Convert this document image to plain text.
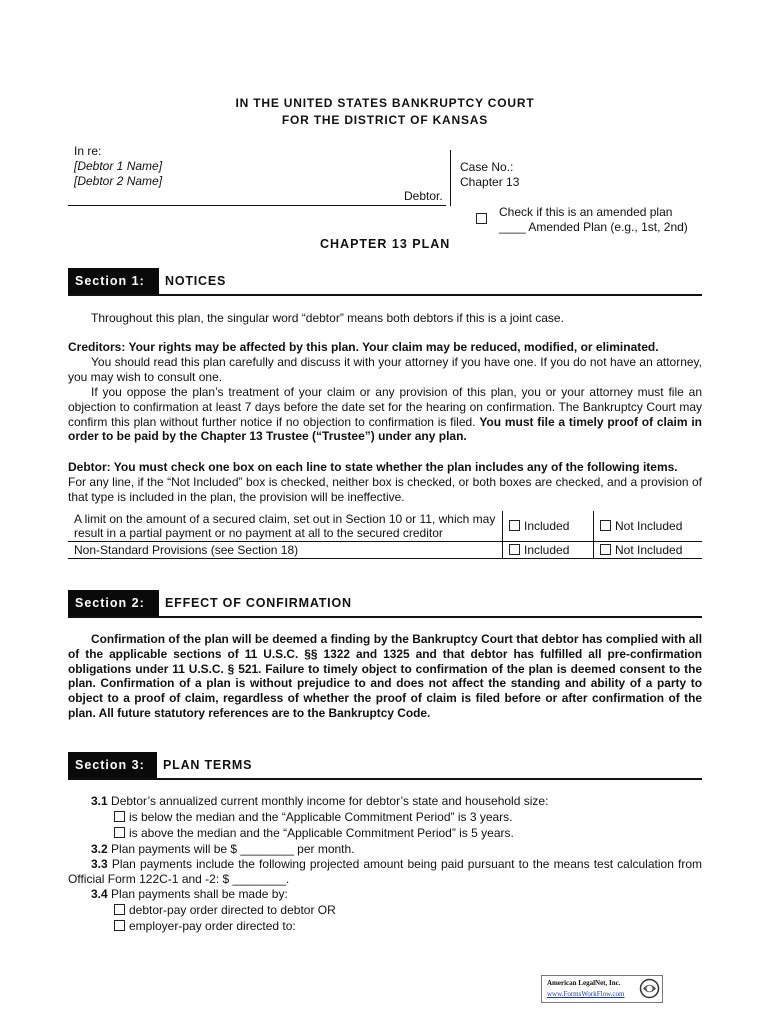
IN THE UNITED STATES BANKRUPTCY COURT
FOR THE DISTRICT OF KANSAS
In re:
[Debtor 1 Name]
[Debtor 2 Name]
Debtor.
Case No.:
Chapter 13
Check if this is an amended plan
____ Amended Plan (e.g., 1st, 2nd)
CHAPTER 13 PLAN
Section 1:	NOTICES
Throughout this plan, the singular word “debtor” means both debtors if this is a joint case.
Creditors: Your rights may be affected by this plan. Your claim may be reduced, modified, or eliminated.
You should read this plan carefully and discuss it with your attorney if you have one. If you do not have an attorney, you may wish to consult one.
If you oppose the plan’s treatment of your claim or any provision of this plan, you or your attorney must file an objection to confirmation at least 7 days before the date set for the hearing on confirmation. The Bankruptcy Court may confirm this plan without further notice if no objection to confirmation is filed. You must file a timely proof of claim in order to be paid by the Chapter 13 Trustee (“Trustee”) under any plan.
Debtor: You must check one box on each line to state whether the plan includes any of the following items.
For any line, if the “Not Included” box is checked, neither box is checked, or both boxes are checked, and a provision of that type is included in the plan, the provision will be ineffective.
A limit on the amount of a secured claim, set out in Section 10 or 11, which may result in a partial payment or no payment at all to the secured creditor	Included	Not Included
Non-Standard Provisions (see Section 18)	Included	Not Included
Section 2:	EFFECT OF CONFIRMATION
Confirmation of the plan will be deemed a finding by the Bankruptcy Court that debtor has complied with all of the applicable sections of 11 U.S.C. §§ 1322 and 1325 and that debtor has fulfilled all pre-confirmation obligations under 11 U.S.C. § 521. Failure to timely object to confirmation of the plan is deemed consent to the plan. Confirmation of a plan is without prejudice to and does not affect the standing and ability of a party to object to a proof of claim, regardless of whether the proof of claim is filed before or after confirmation of the plan. All future statutory references are to the Bankruptcy Code.
Section 3:	PLAN TERMS
3.1 Debtor’s annualized current monthly income for debtor’s state and household size:
is below the median and the “Applicable Commitment Period” is 3 years.
is above the median and the “Applicable Commitment Period” is 5 years.
3.2 Plan payments will be $ ________ per month.
3.3 Plan payments include the following projected amount being paid pursuant to the means test calculation from Official Form 122C-1 and -2: $ ________.
3.4 Plan payments shall be made by:
debtor-pay order directed to debtor OR
employer-pay order directed to:
American LegalNet, Inc.
www.FormsWorkFlow.com
